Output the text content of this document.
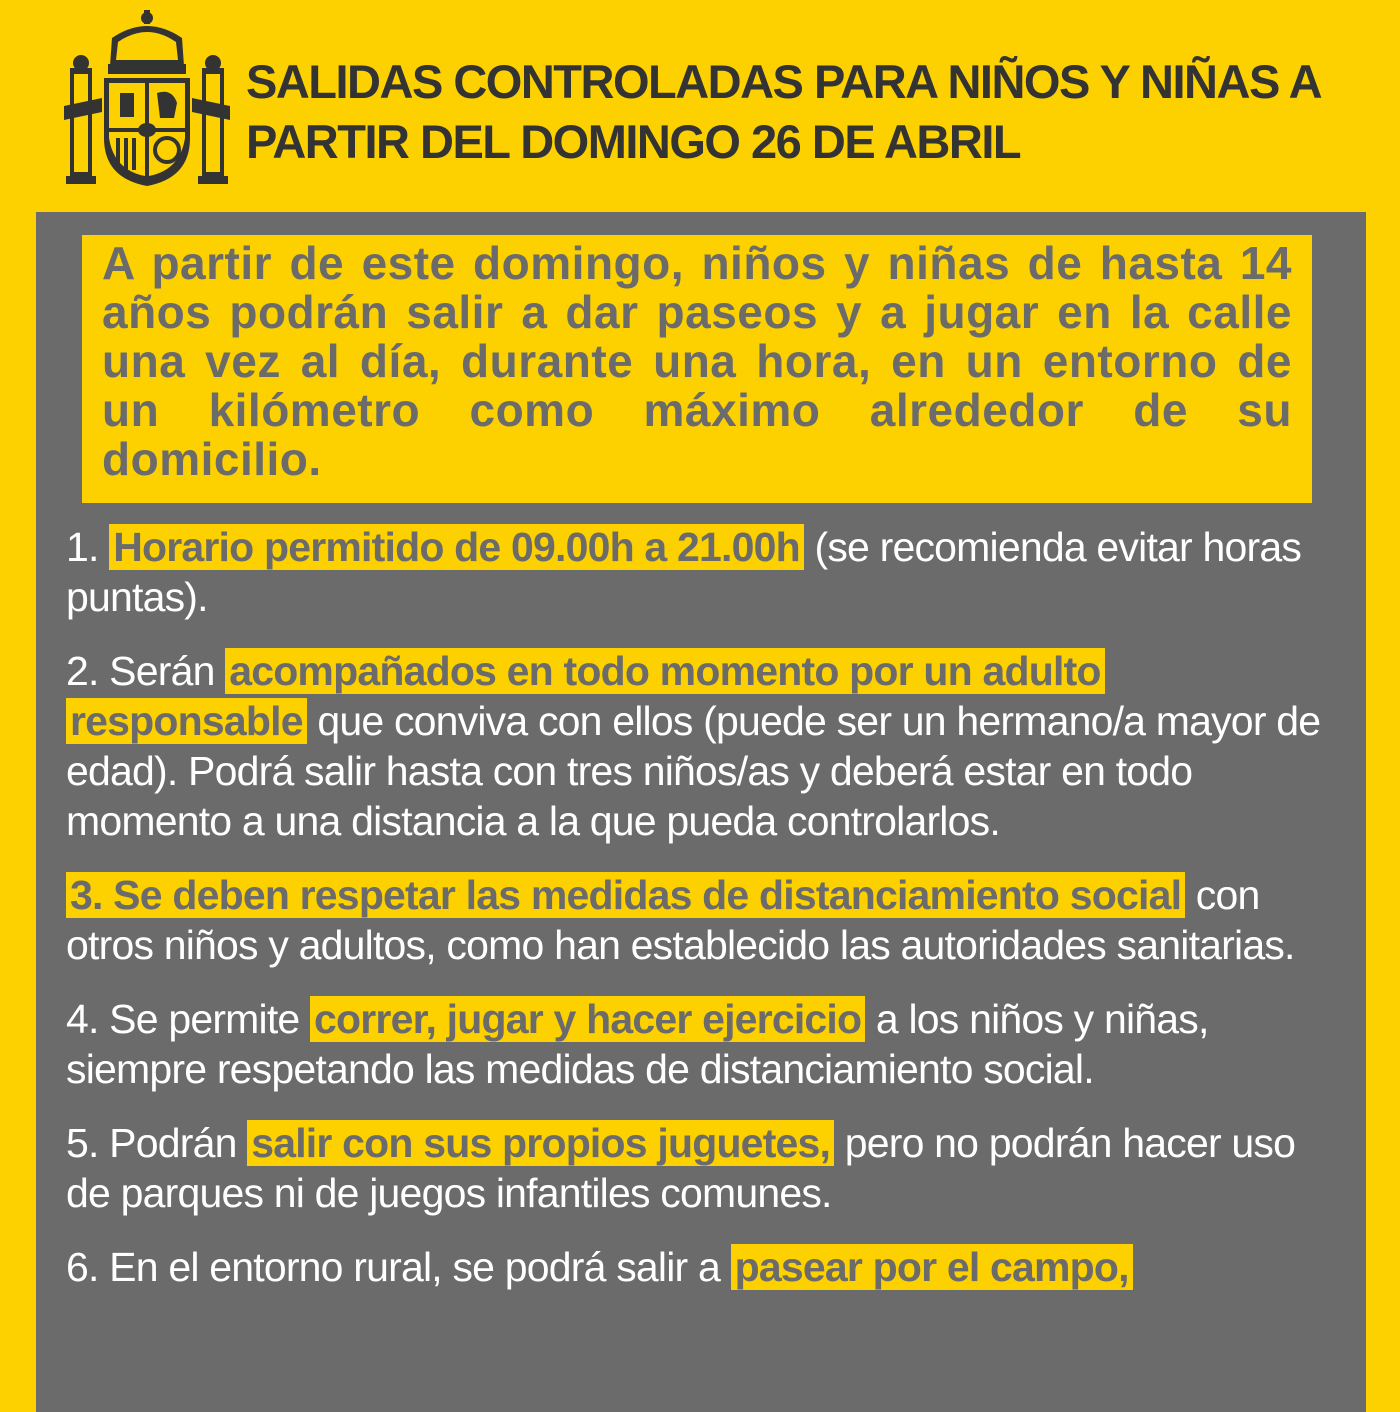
SALIDAS CONTROLADAS PARA NIÑOS Y NIÑAS A PARTIR DEL DOMINGO 26 DE ABRIL

A partir de este domingo, niños y niñas de hasta 14 años podrán salir a dar paseos y a jugar en la calle una vez al día, durante una hora, en un entorno de un kilómetro como máximo alrededor de su domicilio.

1. Horario permitido de 09.00h a 21.00h (se recomienda evitar horas puntas).

2. Serán acompañados en todo momento por un adulto responsable que conviva con ellos (puede ser un hermano/a mayor de edad). Podrá salir hasta con tres niños/as y deberá estar en todo momento a una distancia a la que pueda controlarlos.

3. Se deben respetar las medidas de distanciamiento social con otros niños y adultos, como han establecido las autoridades sanitarias.

4. Se permite correr, jugar y hacer ejercicio a los niños y niñas, siempre respetando las medidas de distanciamiento social.

5. Podrán salir con sus propios juguetes, pero no podrán hacer uso de parques ni de juegos infantiles comunes.

6. En el entorno rural, se podrá salir a pasear por el campo,
